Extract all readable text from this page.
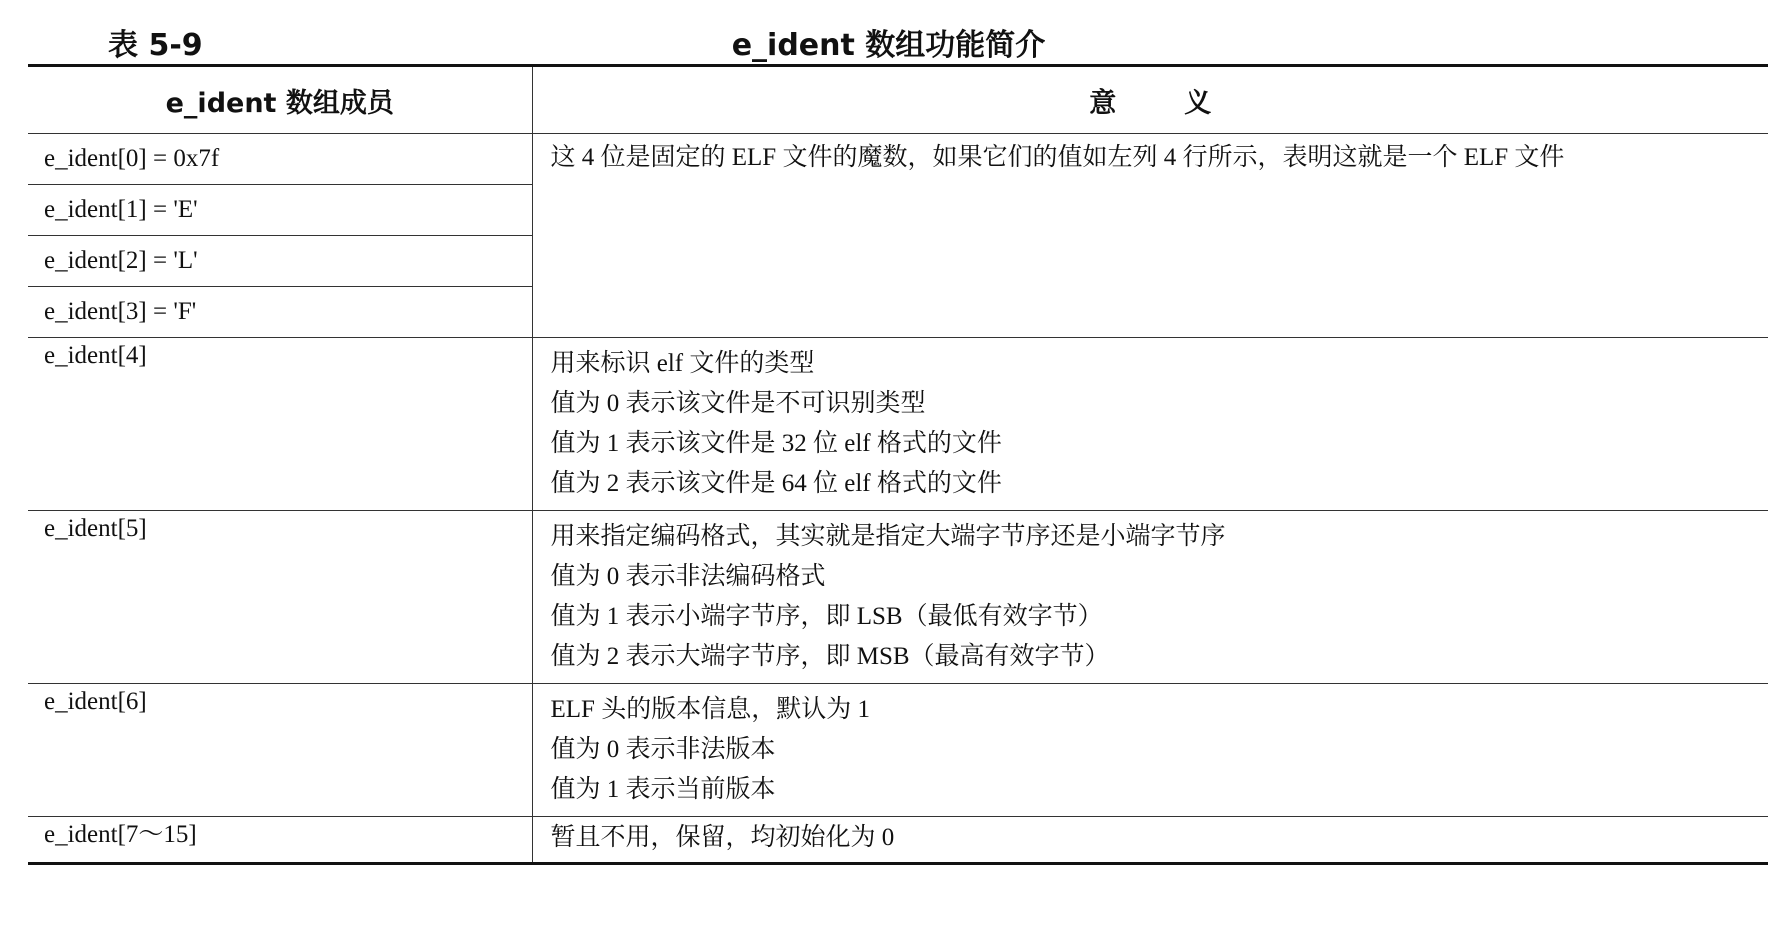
表 5-9	e_ident 数组功能简介
e_ident 数组成员	意 义
e_ident[0] = 0x7f	这 4 位是固定的 ELF 文件的魔数，如果它们的值如左列 4 行所示，表明这就是一个 ELF 文件
e_ident[1] = 'E'	
e_ident[2] = 'L'	
e_ident[3] = 'F'	
e_ident[4]	用来标识 elf 文件的类型
值为 0 表示该文件是不可识别类型
值为 1 表示该文件是 32 位 elf 格式的文件
值为 2 表示该文件是 64 位 elf 格式的文件

e_ident[5]	用来指定编码格式，其实就是指定大端字节序还是小端字节序
值为 0 表示非法编码格式
值为 1 表示小端字节序，即 LSB（最低有效字节）
值为 2 表示大端字节序，即 MSB（最高有效字节）

e_ident[6]	ELF 头的版本信息，默认为 1
值为 0 表示非法版本
值为 1 表示当前版本

e_ident[7～15]	暂且不用，保留，均初始化为 0
